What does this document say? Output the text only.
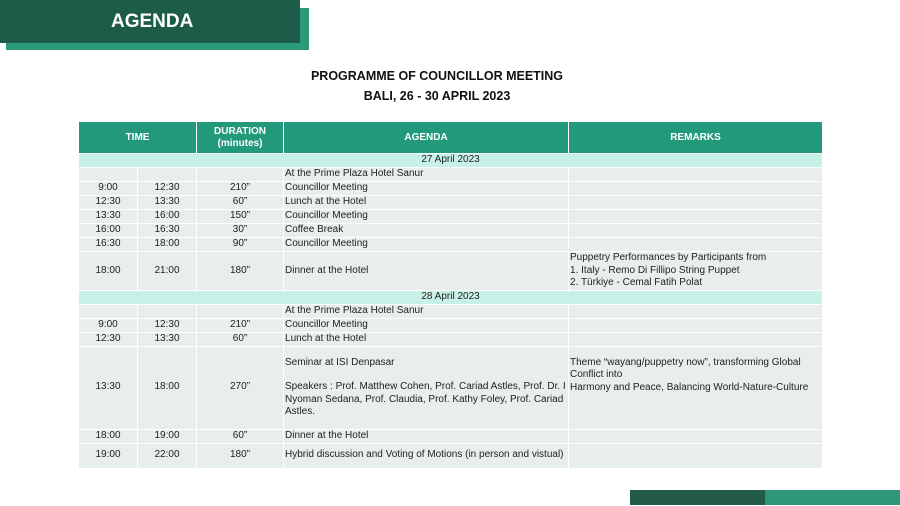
AGENDA
PROGRAMME OF COUNCILLOR MEETING
BALI, 26 - 30 APRIL 2023
TIME		DURATION (minutes)	AGENDA	REMARKS
27 April 2023				
			At the Prime Plaza Hotel Sanur	
9:00	12:30	210”	Councillor Meeting	
12:30	13:30	60”	Lunch at the Hotel	
13:30	16:00	150”	Councillor Meeting	
16:00	16:30	30”	Coffee Break	
16:30	18:00	90”	Councillor Meeting	
18:00	21:00	180”	Dinner at the Hotel	Puppetry Performances by Participants from
1. Italy - Remo Di Fillipo String Puppet
2. Türkiye - Cemal Fatih Polat

28 April 2023				
			At the Prime Plaza Hotel Sanur	
9:00	12:30	210”	Councillor Meeting	
12:30	13:30	60”	Lunch at the Hotel	
13:30	18:00	270”	Seminar at ISI Denpasar
Speakers : Prof. Matthew Cohen, Prof. Cariad Astles, Prof. Dr. I Nyoman Sedana, Prof. Claudia, Prof. Kathy Foley, Prof. Cariad Astles.	Theme “wayang/puppetry now”, transforming Global Conflict into
Harmony and Peace, Balancing World-Nature-Culture

18:00	19:00	60”	Dinner at the Hotel	
19:00	22:00	180”	Hybrid discussion and Voting of Motions (in person and vistual)	
